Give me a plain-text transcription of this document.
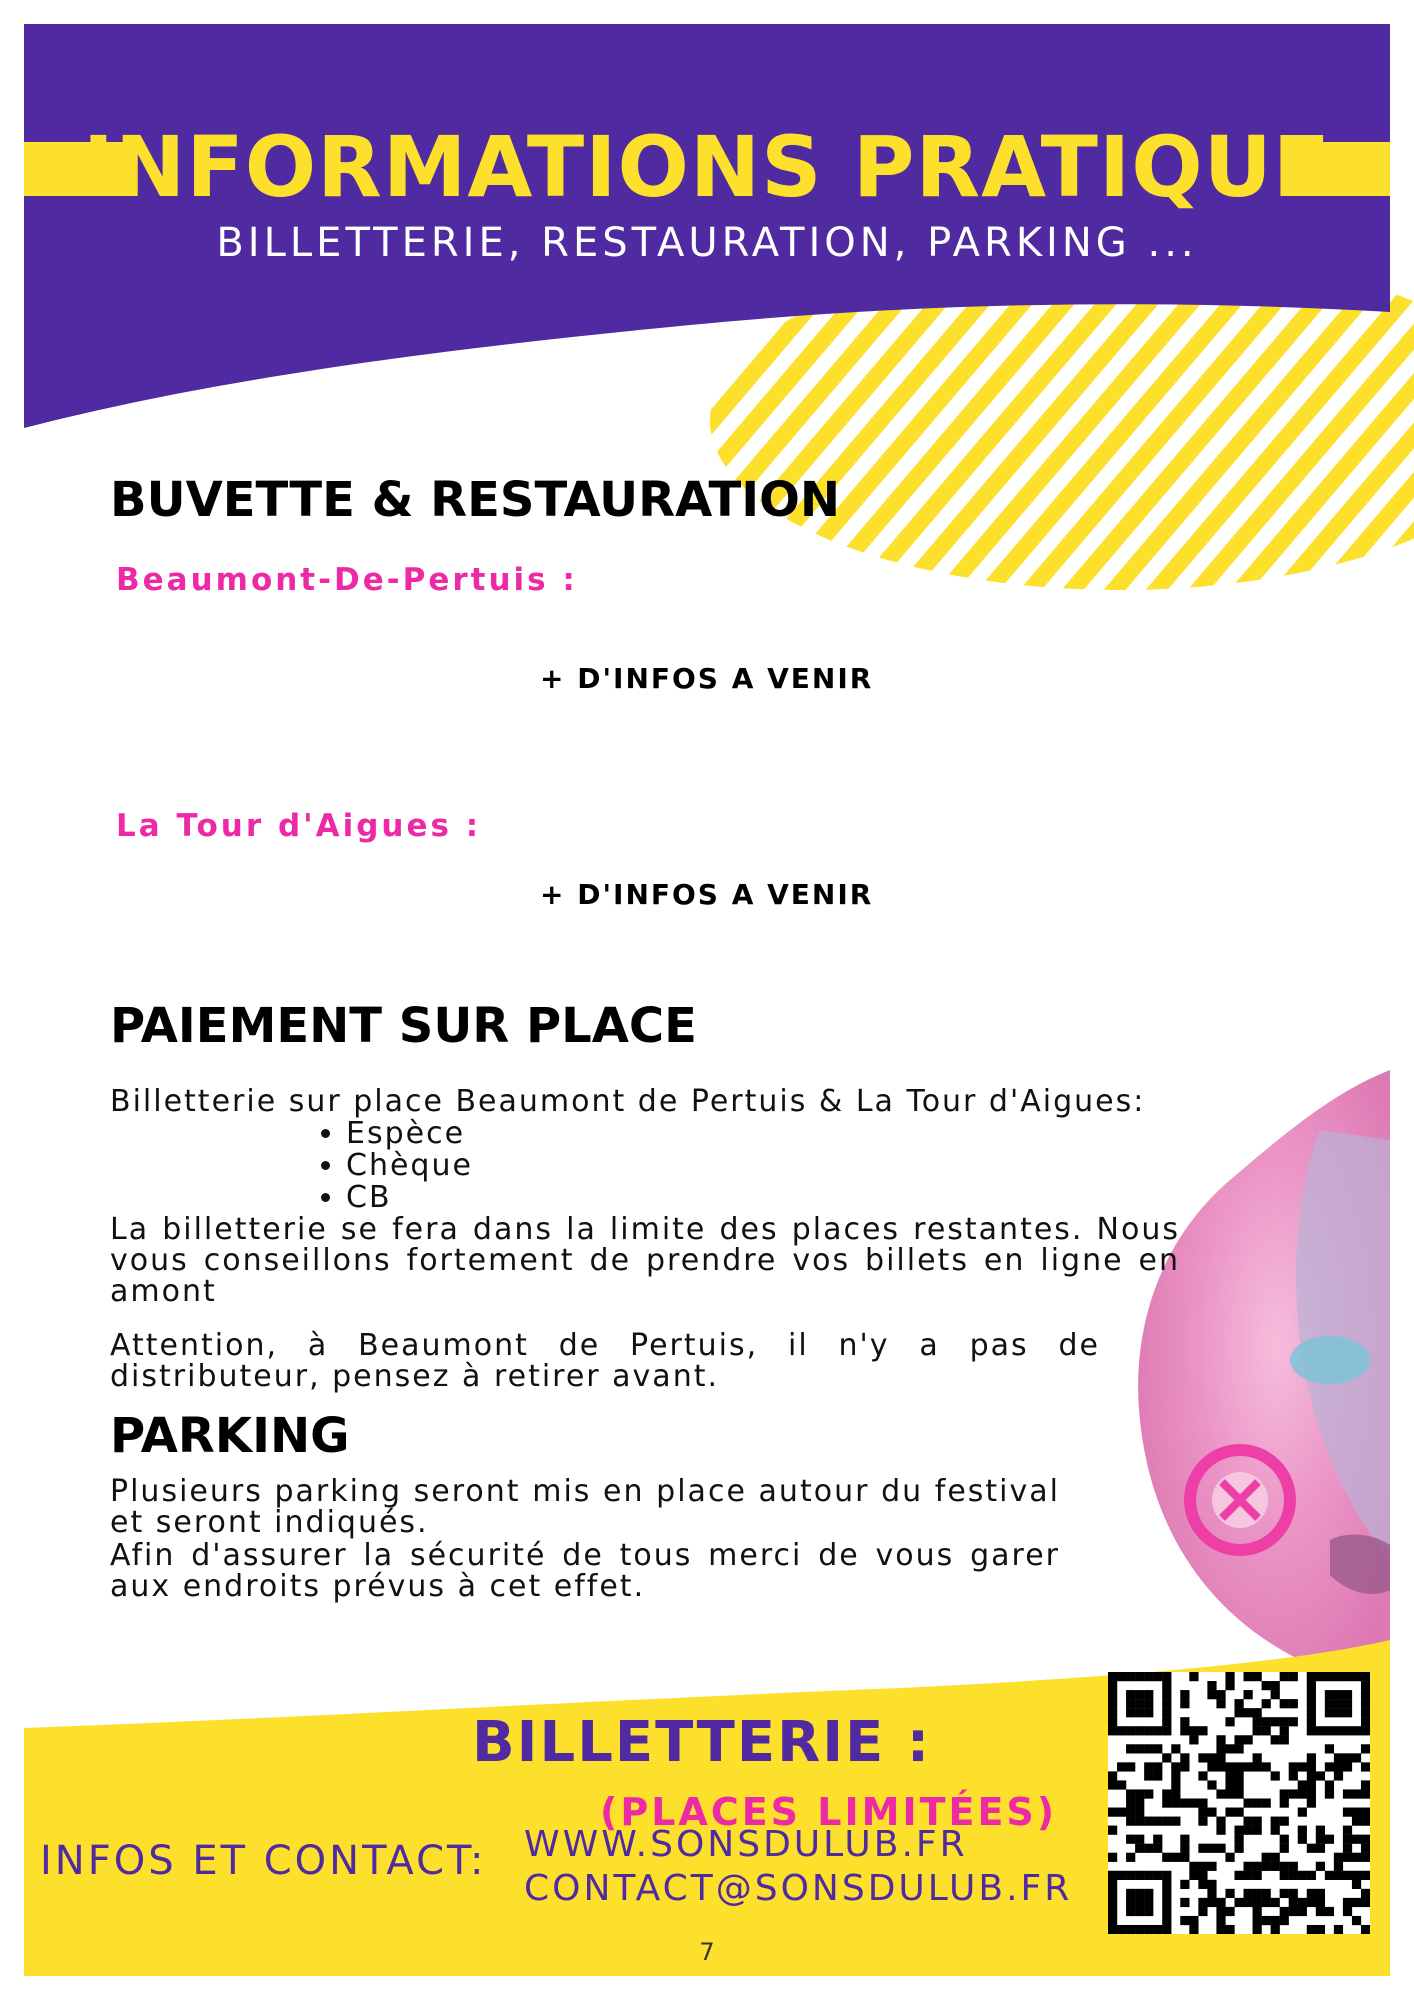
INFORMATIONS PRATIQUE
BILLETTERIE, RESTAURATION, PARKING ...
BUVETTE & RESTAURATION
Beaumont-De-Pertuis :
+ D'INFOS A VENIR
La Tour d'Aigues :
+ D'INFOS A VENIR
PAIEMENT SUR PLACE
Billetterie sur place Beaumont de Pertuis & La Tour d'Aigues:
• Espèce
• Chèque
• CB
La billetterie se fera dans la limite des places restantes. Nous vous conseillons fortement de prendre vos billets en ligne en amont
Attention, à Beaumont de Pertuis, il n'y a pas de distributeur, pensez à retirer avant.
PARKING
Plusieurs parking seront mis en place autour du festival et seront indiqués.
Afin d'assurer la sécurité de tous merci de vous garer aux endroits prévus à cet effet.
BILLETTERIE :
(PLACES LIMITÉES)
INFOS ET CONTACT: WWW.SONSDULUB.FR
CONTACT@SONSDULUB.FR
7
